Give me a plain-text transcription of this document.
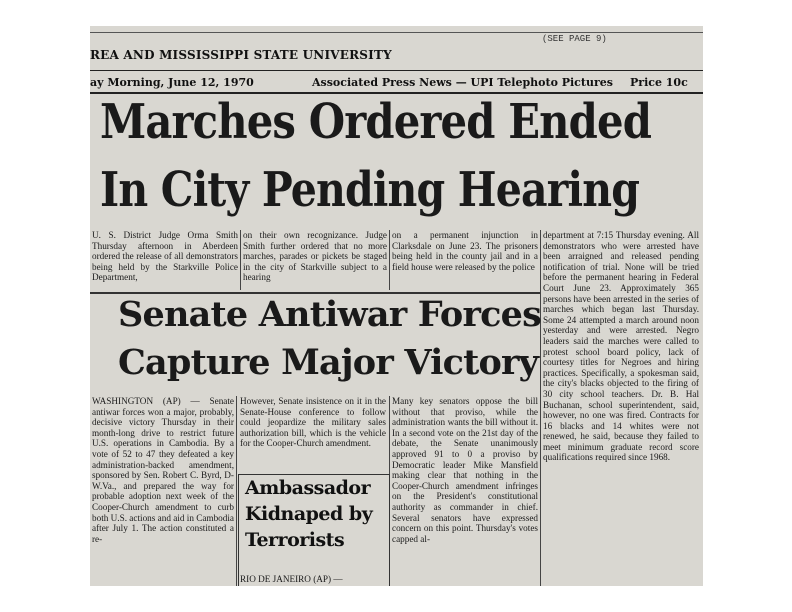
(SEE PAGE 9)
REA AND MISSISSIPPI STATE UNIVERSITY
ay Morning, June 12, 1970	Associated Press News — UPI Telephoto Pictures Price 10c
Marches Ordered Ended
In City Pending Hearing

U. S. District Judge Orma Smith Thursday afternoon in Aberdeen ordered the release of all demonstrators being held by the Starkville Police Department,

on their own recognizance. Judge Smith further ordered that no more marches, parades or pickets be staged in the city of Starkville subject to a hearing

on a permanent injunction in Clarksdale on June 23. The prisoners being held in the county jail and in a field house were released by the police

department at 7:15 Thursday evening. All demonstrators who were arrested have been arraigned and released pending notification of trial. None will be tried before the permanent hearing in Federal Court June 23. Approximately 365 persons have been arrested in the series of marches which began last Thursday. Some 24 attempted a march around noon yesterday and were arrested. Negro leaders said the marches were called to protest school board policy, lack of courtesy titles for Negroes and hiring practices. Specifically, a spokesman said, the city's blacks objected to the firing of 30 city school teachers. Dr. B. Hal Buchanan, school superintendent, said, however, no one was fired. Contracts for 16 blacks and 14 whites were not renewed, he said, because they failed to meet minimum graduate record score qualifications required since 1968.

Senate Antiwar Forces
Capture Major Victory

WASHINGTON (AP) — Senate antiwar forces won a major, probably, decisive victory Thursday in their month-long drive to restrict future U.S. operations in Cambodia. By a vote of 52 to 47 they defeated a key administration-backed amendment, sponsored by Sen. Robert C. Byrd, D-W.Va., and prepared the way for probable adoption next week of the Cooper-Church amendment to curb both U.S. actions and aid in Cambodia after July 1. The action constituted a re-

However, Senate insistence on it in the Senate-House conference to follow could jeopardize the military sales authorization bill, which is the vehicle for the Cooper-Church amendment.

Many key senators oppose the bill without that proviso, while the administration wants the bill without it. In a second vote on the 21st day of the debate, the Senate unanimously approved 91 to 0 a proviso by Democratic leader Mike Mansfield making clear that nothing in the Cooper-Church amendment infringes on the President's constitutional authority as commander in chief. Several senators have expressed concern on this point. Thursday's votes capped al-

Ambassador
Kidnaped by
Terrorists

RIO DE JANEIRO (AP) —
